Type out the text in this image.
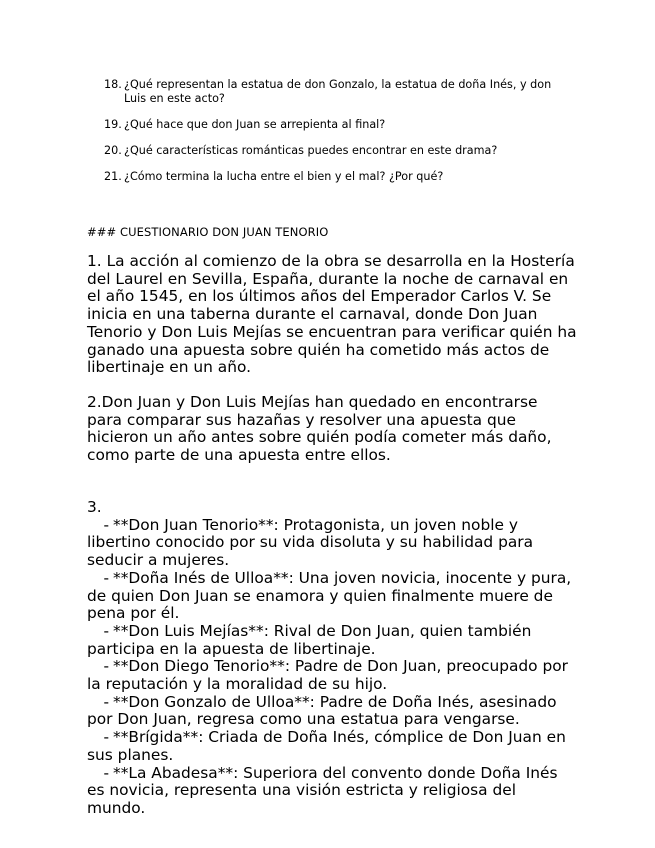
18. ¿Qué representan la estatua de don Gonzalo, la estatua de doña Inés, y don Luis en este acto?
19. ¿Qué hace que don Juan se arrepienta al final?
20. ¿Qué características románticas puedes encontrar en este drama?
21. ¿Cómo termina la lucha entre el bien y el mal? ¿Por qué?
### CUESTIONARIO DON JUAN TENORIO
1. La acción al comienzo de la obra se desarrolla en la Hostería del Laurel en Sevilla, España, durante la noche de carnaval en el año 1545, en los últimos años del Emperador Carlos V. Se inicia en una taberna durante el carnaval, donde Don Juan Tenorio y Don Luis Mejías se encuentran para verificar quién ha ganado una apuesta sobre quién ha cometido más actos de libertinaje en un año.
2.Don Juan y Don Luis Mejías han quedado en encontrarse para comparar sus hazañas y resolver una apuesta que hicieron un año antes sobre quién podía cometer más daño, como parte de una apuesta entre ellos.
3.

- **Don Juan Tenorio**: Protagonista, un joven noble y libertino conocido por su vida disoluta y su habilidad para seducir a mujeres.

- **Doña Inés de Ulloa**: Una joven novicia, inocente y pura, de quien Don Juan se enamora y quien finalmente muere de pena por él.

- **Don Luis Mejías**: Rival de Don Juan, quien también participa en la apuesta de libertinaje.

- **Don Diego Tenorio**: Padre de Don Juan, preocupado por la reputación y la moralidad de su hijo.

- **Don Gonzalo de Ulloa**: Padre de Doña Inés, asesinado por Don Juan, regresa como una estatua para vengarse.

- **Brígida**: Criada de Doña Inés, cómplice de Don Juan en sus planes.

- **La Abadesa**: Superiora del convento donde Doña Inés es novicia, representa una visión estricta y religiosa del mundo.
